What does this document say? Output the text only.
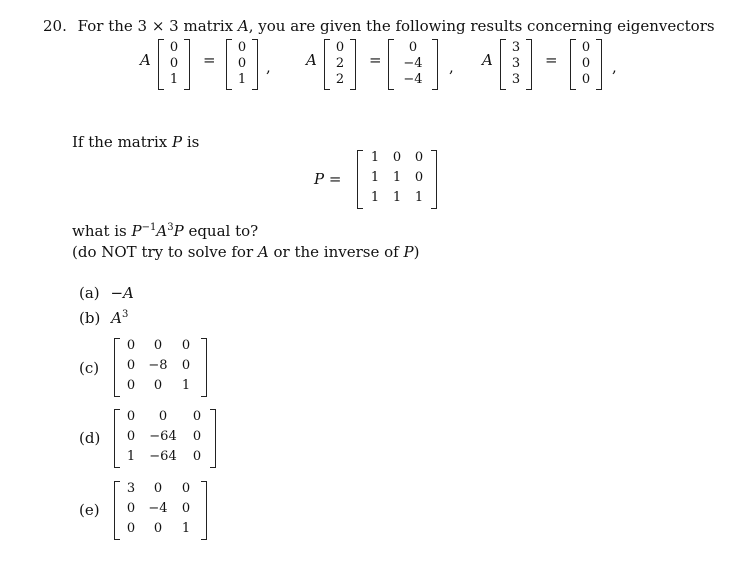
20. For the 3 × 3 matrix A, you are given the following results concerning eigenvectors
A
0
0
1
=
0
0
1
, A
0
2
2
=
0
−4
−4
, A
3
3
3
=
0
0
0
,
If the matrix P is
P =
1	0	0
1	1	0
1	1	1
what is $P^{-1}A^3P$ equal to?
(do NOT try to solve for A or the inverse of P)
(a) −A
(b) $A^3$
(c)
0	0	0
0	−8	0
0	0	1
(d)
0	0	0
0	−64	0
1	−64	0
(e)
3	0	0
0	−4	0
0	0	1
